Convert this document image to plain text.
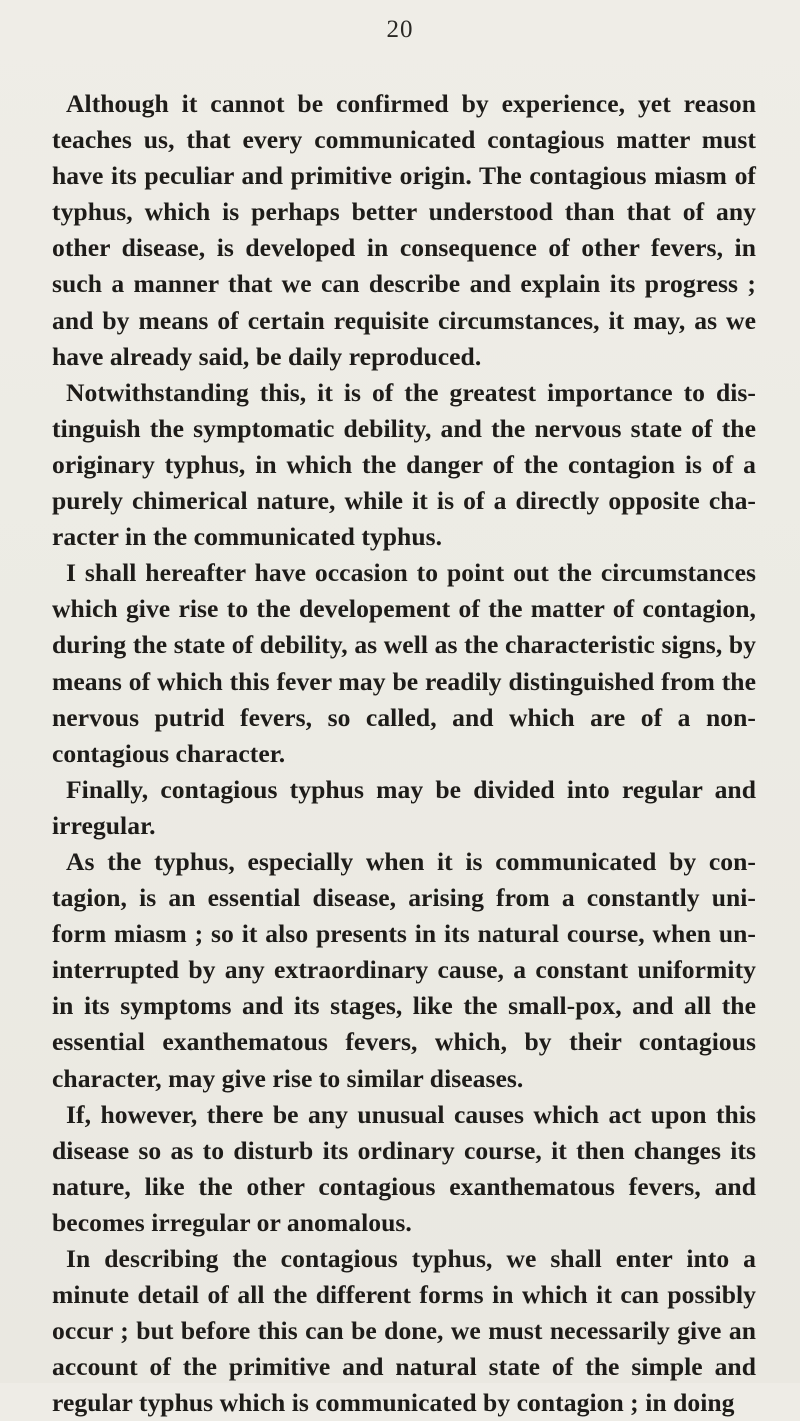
20

Although it cannot be confirmed by experience, yet reason teaches us, that every communicated contagious matter must have its peculiar and primitive origin. The contagious miasm of typhus, which is perhaps better understood than that of any other disease, is developed in consequence of other fevers, in such a manner that we can describe and explain its progress ; and by means of certain requisite circumstances, it may, as we have already said, be daily reproduced.

Notwithstanding this, it is of the greatest importance to dis- tinguish the symptomatic debility, and the nervous state of the originary typhus, in which the danger of the contagion is of a purely chimerical nature, while it is of a directly opposite cha- racter in the communicated typhus.

I shall hereafter have occasion to point out the circumstances which give rise to the developement of the matter of contagion, during the state of debility, as well as the characteristic signs, by means of which this fever may be readily distinguished from the nervous putrid fevers, so called, and which are of a non- contagious character.

Finally, contagious typhus may be divided into regular and irregular.

As the typhus, especially when it is communicated by con- tagion, is an essential disease, arising from a constantly uni- form miasm ; so it also presents in its natural course, when un- interrupted by any extraordinary cause, a constant uniformity in its symptoms and its stages, like the small-pox, and all the essential exanthematous fevers, which, by their contagious character, may give rise to similar diseases.

If, however, there be any unusual causes which act upon this disease so as to disturb its ordinary course, it then changes its nature, like the other contagious exanthematous fevers, and becomes irregular or anomalous.

In describing the contagious typhus, we shall enter into a minute detail of all the different forms in which it can possibly occur ; but before this can be done, we must necessarily give an account of the primitive and natural state of the simple and regular typhus which is communicated by contagion ; in doing
